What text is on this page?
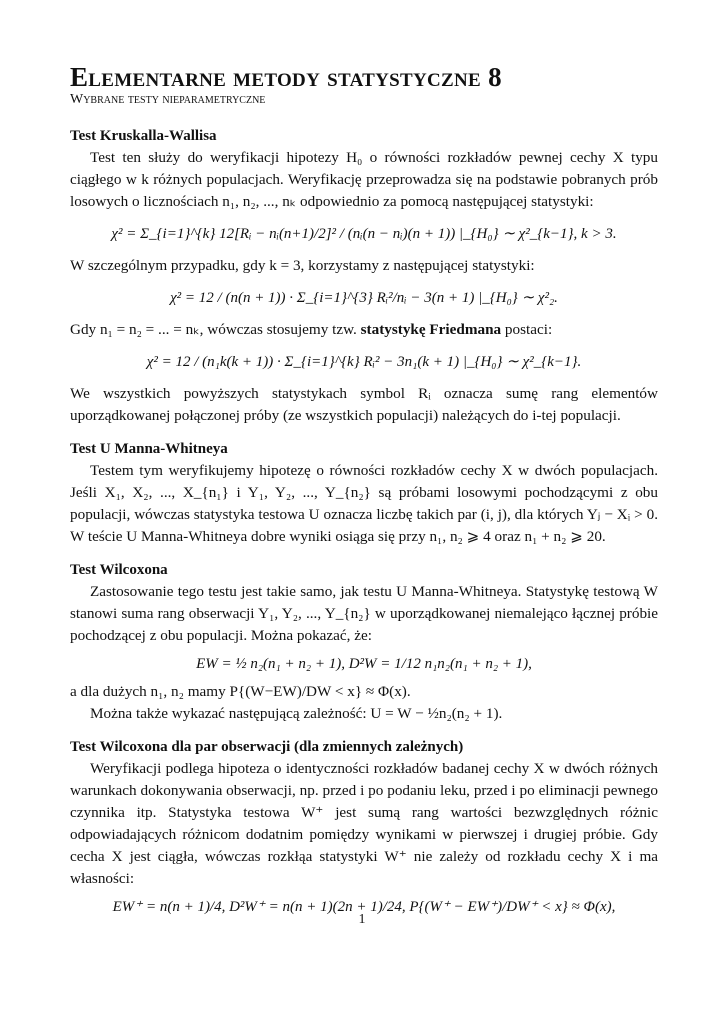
Elementarne metody statystyczne 8
Wybrane testy nieparametryczne
Test Kruskalla-Wallisa

Test ten służy do weryfikacji hipotezy H₀ o równości rozkładów pewnej cechy X typu ciągłego w k różnych populacjach. Weryfikację przeprowadza się na podstawie pobranych prób losowych o licznościach n₁, n₂, ..., nₖ odpowiednio za pomocą następującej statystyki:

χ² = Σ_{i=1}^{k} 12[Rᵢ − nᵢ(n+1)/2]² / (nᵢ(n − nᵢ)(n + 1)) |_{H₀} ∼ χ²_{k−1}, k > 3.

W szczególnym przypadku, gdy k = 3, korzystamy z następującej statystyki:

χ² = 12 / (n(n + 1)) · Σ_{i=1}^{3} Rᵢ²/nᵢ − 3(n + 1) |_{H₀} ∼ χ²₂.

Gdy n₁ = n₂ = ... = nₖ, wówczas stosujemy tzw. statystykę Friedmana postaci:

χ² = 12 / (n₁k(k + 1)) · Σ_{i=1}^{k} Rᵢ² − 3n₁(k + 1) |_{H₀} ∼ χ²_{k−1}.

We wszystkich powyższych statystykach symbol Rᵢ oznacza sumę rang elementów uporządkowanej połączonej próby (ze wszystkich populacji) należących do i-tej populacji.

Test U Manna-Whitneya

Testem tym weryfikujemy hipotezę o równości rozkładów cechy X w dwóch populacjach. Jeśli X₁, X₂, ..., X_{n₁} i Y₁, Y₂, ..., Y_{n₂} są próbami losowymi pochodzącymi z obu populacji, wówczas statystyka testowa U oznacza liczbę takich par (i, j), dla których Yⱼ − Xᵢ > 0. W teście U Manna-Whitneya dobre wyniki osiąga się przy n₁, n₂ ⩾ 4 oraz n₁ + n₂ ⩾ 20.

Test Wilcoxona

Zastosowanie tego testu jest takie samo, jak testu U Manna-Whitneya. Statystykę testową W stanowi suma rang obserwacji Y₁, Y₂, ..., Y_{n₂} w uporządkowanej niemalejąco łącznej próbie pochodzącej z obu populacji. Można pokazać, że:

EW = ½ n₂(n₁ + n₂ + 1), D²W = 1/12 n₁n₂(n₁ + n₂ + 1),

a dla dużych n₁, n₂ mamy P{(W−EW)/DW < x} ≈ Φ(x).

Można także wykazać następującą zależność: U = W − ½n₂(n₂ + 1).

Test Wilcoxona dla par obserwacji (dla zmiennych zależnych)

Weryfikacji podlega hipoteza o identyczności rozkładów badanej cechy X w dwóch różnych warunkach dokonywania obserwacji, np. przed i po podaniu leku, przed i po eliminacji pewnego czynnika itp. Statystyka testowa W⁺ jest sumą rang wartości bezwzględnych różnic odpowiadających różnicom dodatnim pomiędzy wynikami w pierwszej i drugiej próbie. Gdy cecha X jest ciągła, wówczas rozkłąa statystyki W⁺ nie zależy od rozkładu cechy X i ma własności:

EW⁺ = n(n + 1)/4, D²W⁺ = n(n + 1)(2n + 1)/24, P{(W⁺ − EW⁺)/DW⁺ < x} ≈ Φ(x),
1
